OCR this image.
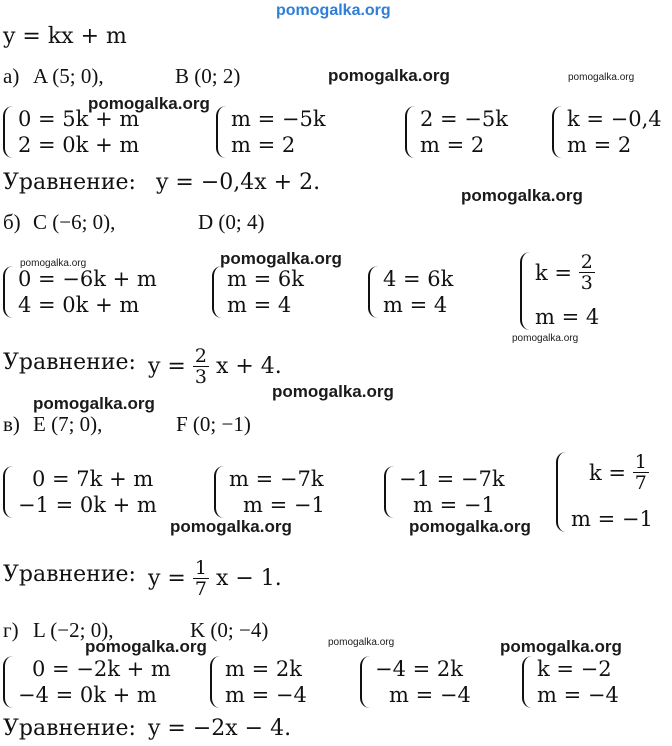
pomogalka.org
pomogalka.org	pomogalka.org
pomogalka.org
pomogalka.org
pomogalka.org	pomogalka.org
pomogalka.org
pomogalka.org
pomogalka.org
pomogalka.org	pomogalka.org
pomogalka.org	pomogalka.org	pomogalka.org
y = kx + m
а) A (5; 0),	B (0; 2)
0 = 5k + m
2 = 0k + m
m = −5k
m = 2
2 = −5k
m = 2
k = −0,4
m = 2
Уравнение: y = −0,4x + 2.
б) C (−6; 0),	D (0; 4)
0 = −6k + m
4 = 0k + m
m = 6k
m = 4
4 = 6k
m = 4
k =
$\frac{2}{3}$
m = 4
Уравнение: y =
$\frac{2}{3}$
x + 4.
в) E (7; 0),	F (0; −1)
0 = 7k + m
−1 = 0k + m
m = −7k
m = −1
−1 = −7k
m = −1
k =
$\frac{1}{7}$
m = −1
Уравнение: y =
$\frac{1}{7}$
x − 1.
г) L (−2; 0),	K (0; −4)
0 = −2k + m
−4 = 0k + m
m = 2k
m = −4
−4 = 2k
m = −4
k = −2
m = −4
Уравнение: y = −2x − 4.
